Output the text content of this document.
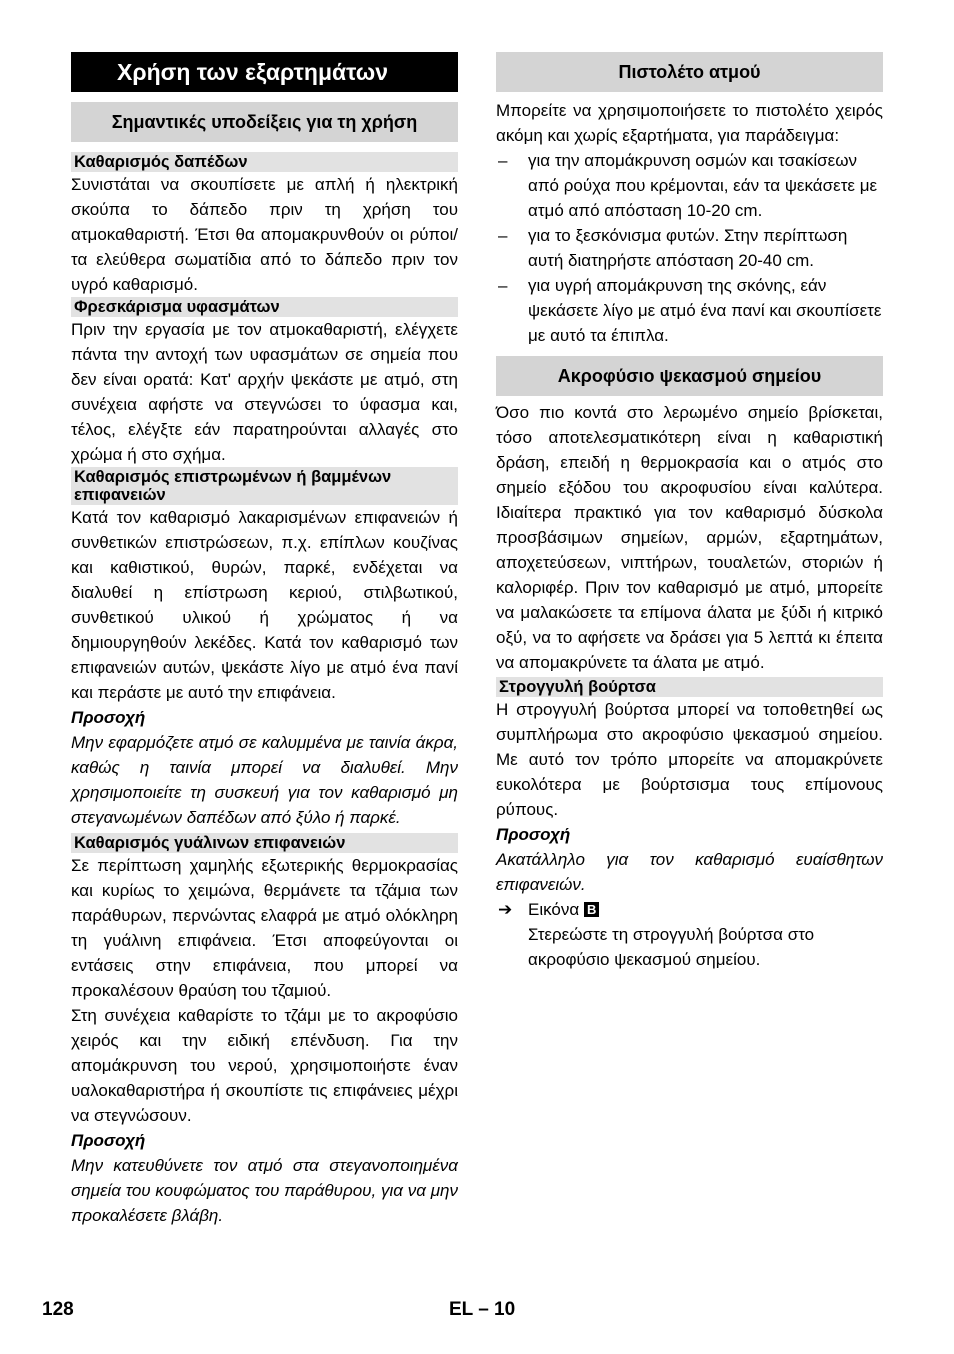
Χρήση των εξαρτημάτων
Σημαντικές υποδείξεις για τη χρήση
Καθαρισμός δαπέδων

Συνιστάται να σκουπίσετε με απλή ή ηλεκτρική σκούπα το δάπεδο πριν τη χρήση του ατμοκαθαριστή. Έτσι θα απομακρυνθούν οι ρύποι/τα ελεύθερα σωματίδια από το δάπεδο πριν τον υγρό καθαρισμό.

Φρεσκάρισμα υφασμάτων

Πριν την εργασία με τον ατμοκαθαριστή, ελέγχετε πάντα την αντοχή των υφασμάτων σε σημεία που δεν είναι ορατά: Κατ' αρχήν ψεκάστε με ατμό, στη συνέχεια αφήστε να στεγνώσει το ύφασμα και, τέλος, ελέγξτε εάν παρατηρούνται αλλαγές στο χρώμα ή στο σχήμα.

Καθαρισμός επιστρωμένων ή βαμμένων επιφανειών

Κατά τον καθαρισμό λακαρισμένων επιφανειών ή συνθετικών επιστρώσεων, π.χ. επίπλων κουζίνας και καθιστικού, θυρών, παρκέ, ενδέχεται να διαλυθεί η επίστρωση κεριού, στιλβωτικού, συνθετικού υλικού ή χρώματος ή να δημιουργηθούν λεκέδες. Κατά τον καθαρισμό των επιφανειών αυτών, ψεκάστε λίγο με ατμό ένα πανί και περάστε με αυτό την επιφάνεια.

Προσοχή

Μην εφαρμόζετε ατμό σε καλυμμένα με ταινία άκρα, καθώς η ταινία μπορεί να διαλυθεί. Μην χρησιμοποιείτε τη συσκευή για τον καθαρισμό μη στεγανωμένων δαπέδων από ξύλο ή παρκέ.

Καθαρισμός γυάλινων επιφανειών

Σε περίπτωση χαμηλής εξωτερικής θερμοκρασίας και κυρίως το χειμώνα, θερμάνετε τα τζάμια των παράθυρων, περνώντας ελαφρά με ατμό ολόκληρη τη γυάλινη επιφάνεια. Έτσι αποφεύγονται οι εντάσεις στην επιφάνεια, που μπορεί να προκαλέσουν θραύση του τζαμιού.

Στη συνέχεια καθαρίστε το τζάμι με το ακροφύσιο χειρός και την ειδική επένδυση. Για την απομάκρυνση του νερού, χρησιμοποιήστε έναν υαλοκαθαριστήρα ή σκουπίστε τις επιφάνειες μέχρι να στεγνώσουν.

Προσοχή

Μην κατευθύνετε τον ατμό στα στεγανοποιημένα σημεία του κουφώματος του παράθυρου, για να μην προκαλέσετε βλάβη.

Πιστολέτο ατμού

Μπορείτε να χρησιμοποιήσετε το πιστολέτο χειρός ακόμη και χωρίς εξαρτήματα, για παράδειγμα:

– για την απομάκρυνση οσμών και τσακίσεων από ρούχα που κρέμονται, εάν τα ψεκάσετε με ατμό από απόσταση 10-20 cm.
– για το ξεσκόνισμα φυτών. Στην περίπτωση αυτή διατηρήστε απόσταση 20-40 cm.
– για υγρή απομάκρυνση της σκόνης, εάν ψεκάσετε λίγο με ατμό ένα πανί και σκουπίσετε με αυτό τα έπιπλα.
Ακροφύσιο ψεκασμού σημείου

Όσο πιο κοντά στο λερωμένο σημείο βρίσκεται, τόσο αποτελεσματικότερη είναι η καθαριστική δράση, επειδή η θερμοκρασία και ο ατμός στο σημείο εξόδου του ακροφυσίου είναι καλύτερα. Ιδιαίτερα πρακτικό για τον καθαρισμό δύσκολα προσβάσιμων σημείων, αρμών, εξαρτημάτων, αποχετεύσεων, νιπτήρων, τουαλετών, στοριών ή καλοριφέρ. Πριν τον καθαρισμό με ατμό, μπορείτε να μαλακώσετε τα επίμονα άλατα με ξύδι ή κιτρικό οξύ, να το αφήσετε να δράσει για 5 λεπτά κι έπειτα να απομακρύνετε τα άλατα με ατμό.

Στρογγυλή βούρτσα

Η στρογγυλή βούρτσα μπορεί να τοποθετηθεί ως συμπλήρωμα στο ακροφύσιο ψεκασμού σημείου. Με αυτό τον τρόπο μπορείτε να απομακρύνετε ευκολότερα με βούρτσισμα τους επίμονους ρύπους.

Προσοχή

Ακατάλληλο για τον καθαρισμό ευαίσθητων επιφανειών.

➔ Εικόνα B
Στερεώστε τη στρογγυλή βούρτσα στο ακροφύσιο ψεκασμού σημείου.
128	EL – 10
